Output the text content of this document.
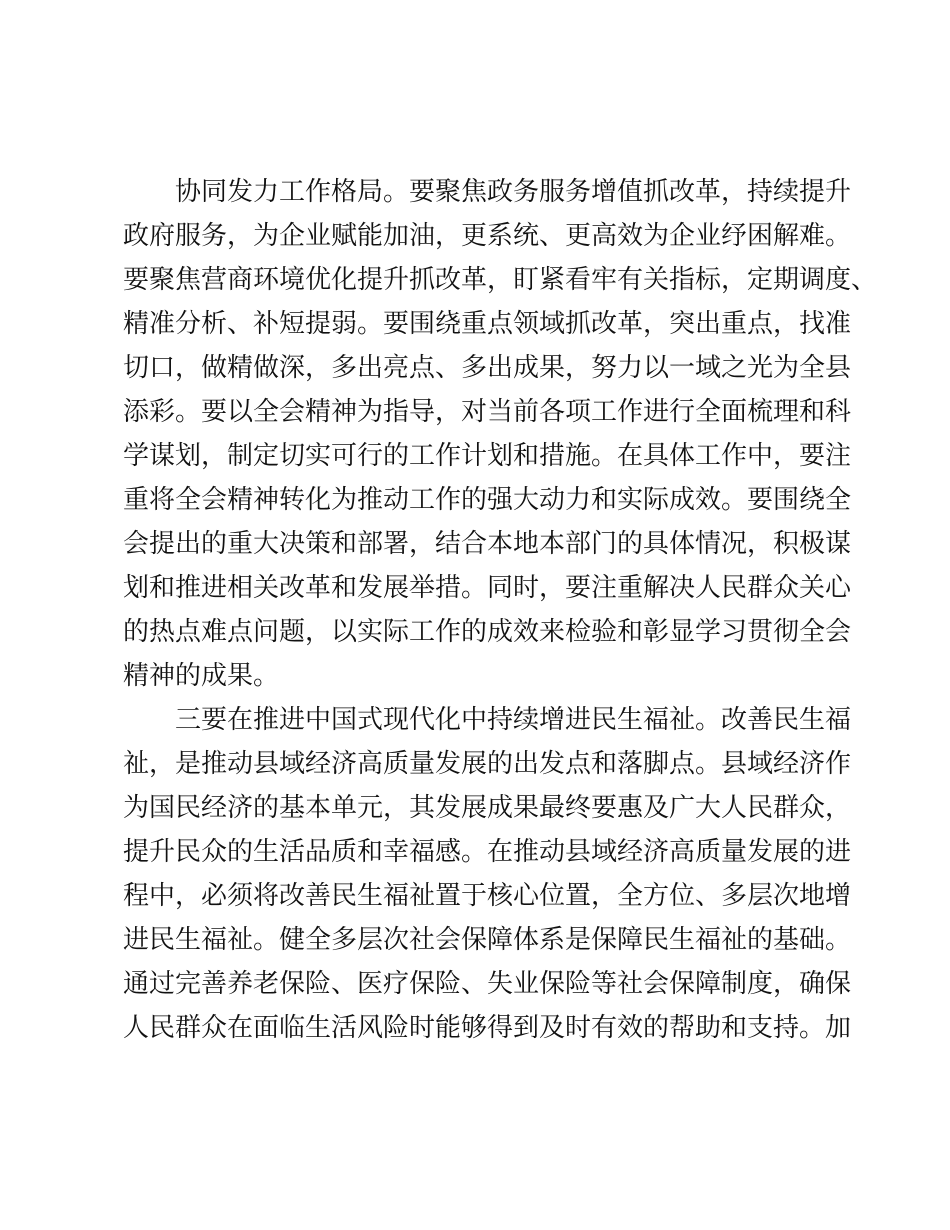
协同发力工作格局。要聚焦政务服务增值抓改革，持续提升
政府服务，为企业赋能加油，更系统、更高效为企业纾困解难。
要聚焦营商环境优化提升抓改革，盯紧看牢有关指标，定期调度、
精准分析、补短提弱。要围绕重点领域抓改革，突出重点，找准
切口，做精做深，多出亮点、多出成果，努力以一域之光为全县
添彩。要以全会精神为指导，对当前各项工作进行全面梳理和科
学谋划，制定切实可行的工作计划和措施。在具体工作中，要注
重将全会精神转化为推动工作的强大动力和实际成效。要围绕全
会提出的重大决策和部署，结合本地本部门的具体情况，积极谋
划和推进相关改革和发展举措。同时，要注重解决人民群众关心
的热点难点问题，以实际工作的成效来检验和彰显学习贯彻全会
精神的成果。
三要在推进中国式现代化中持续增进民生福祉。改善民生福
祉，是推动县域经济高质量发展的出发点和落脚点。县域经济作
为国民经济的基本单元，其发展成果最终要惠及广大人民群众，
提升民众的生活品质和幸福感。在推动县域经济高质量发展的进
程中，必须将改善民生福祉置于核心位置，全方位、多层次地增
进民生福祉。健全多层次社会保障体系是保障民生福祉的基础。
通过完善养老保险、医疗保险、失业保险等社会保障制度，确保
人民群众在面临生活风险时能够得到及时有效的帮助和支持。加
